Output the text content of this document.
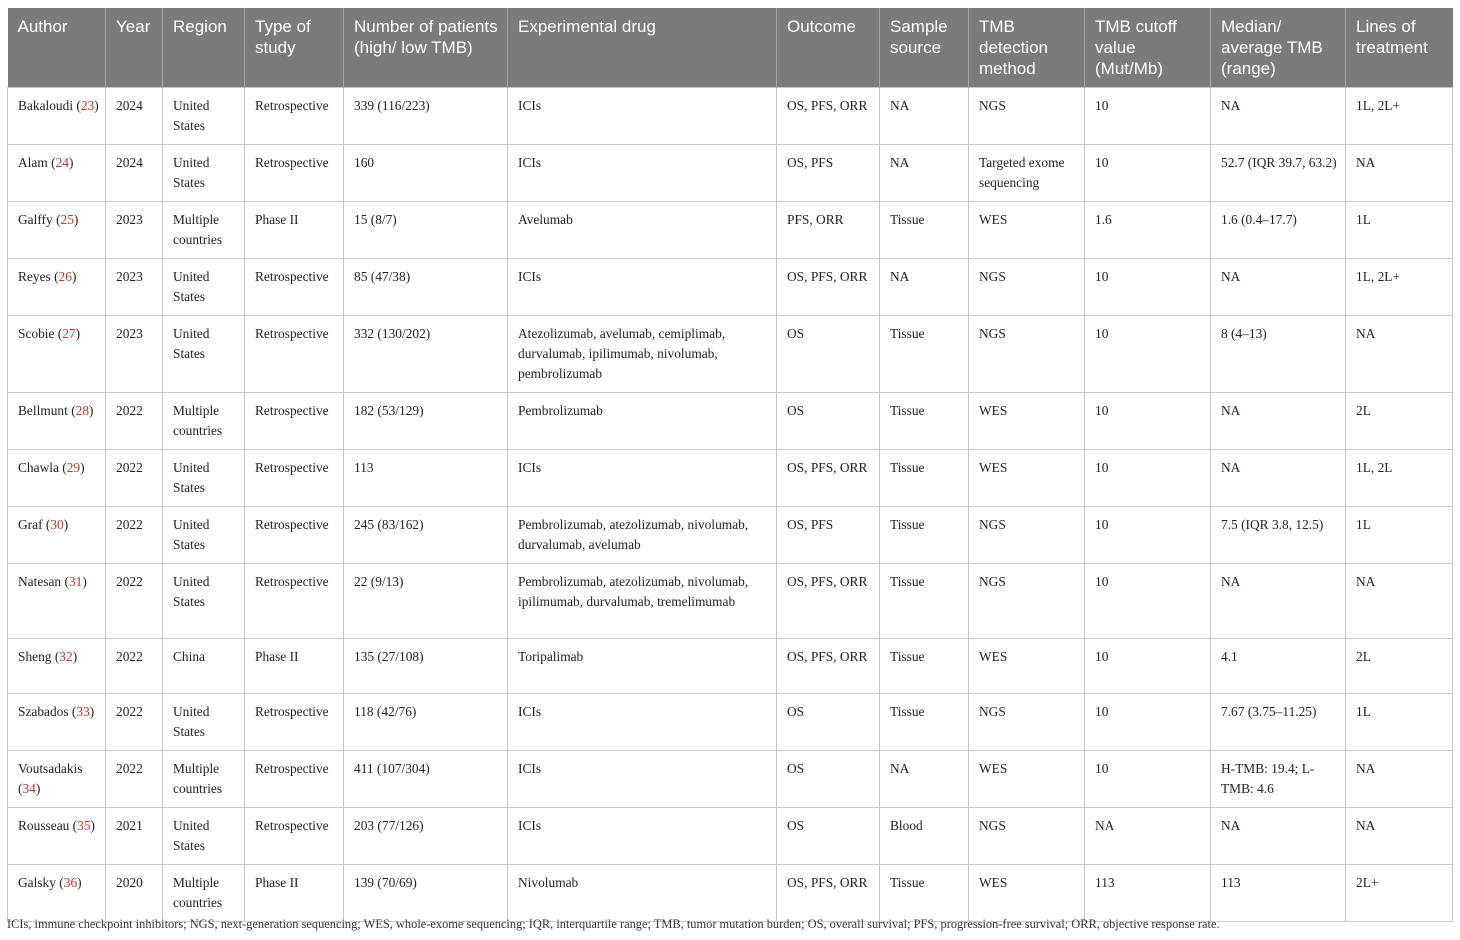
Author	Year	Region	Type of study	Number of patients (high/ low TMB)	Experimental drug	Outcome	Sample source	TMB detection method	TMB cutoff value (Mut/Mb)	Median/ average TMB (range)	Lines of treatment
Bakaloudi (23)	2024	United States	Retrospective	339 (116/223)	ICIs	OS, PFS, ORR	NA	NGS	10	NA	1L, 2L+
Alam (24)	2024	United States	Retrospective	160	ICIs	OS, PFS	NA	Targeted exome sequencing	10	52.7 (IQR 39.7, 63.2)	NA
Galffy (25)	2023	Multiple countries	Phase II	15 (8/7)	Avelumab	PFS, ORR	Tissue	WES	1.6	1.6 (0.4–17.7)	1L
Reyes (26)	2023	United States	Retrospective	85 (47/38)	ICIs	OS, PFS, ORR	NA	NGS	10	NA	1L, 2L+
Scobie (27)	2023	United States	Retrospective	332 (130/202)	Atezolizumab, avelumab, cemiplimab, durvalumab, ipilimumab, nivolumab, pembrolizumab	OS	Tissue	NGS	10	8 (4–13)	NA
Bellmunt (28)	2022	Multiple countries	Retrospective	182 (53/129)	Pembrolizumab	OS	Tissue	WES	10	NA	2L
Chawla (29)	2022	United States	Retrospective	113	ICIs	OS, PFS, ORR	Tissue	WES	10	NA	1L, 2L
Graf (30)	2022	United States	Retrospective	245 (83/162)	Pembrolizumab, atezolizumab, nivolumab, durvalumab, avelumab	OS, PFS	Tissue	NGS	10	7.5 (IQR 3.8, 12.5)	1L
Natesan (31)	2022	United States	Retrospective	22 (9/13)	Pembrolizumab, atezolizumab, nivolumab, ipilimumab, durvalumab, tremelimumab	OS, PFS, ORR	Tissue	NGS	10	NA	NA
Sheng (32)	2022	China	Phase II	135 (27/108)	Toripalimab	OS, PFS, ORR	Tissue	WES	10	4.1	2L
Szabados (33)	2022	United States	Retrospective	118 (42/76)	ICIs	OS	Tissue	NGS	10	7.67 (3.75–11.25)	1L
Voutsadakis (34)	2022	Multiple countries	Retrospective	411 (107/304)	ICIs	OS	NA	WES	10	H-TMB: 19.4; L-TMB: 4.6	NA
Rousseau (35)	2021	United States	Retrospective	203 (77/126)	ICIs	OS	Blood	NGS	NA	NA	NA
Galsky (36)	2020	Multiple countries	Phase II	139 (70/69)	Nivolumab	OS, PFS, ORR	Tissue	WES	113	113	2L+
ICIs, immune checkpoint inhibitors; NGS, next-generation sequencing; WES, whole-exome sequencing; IQR, interquartile range; TMB, tumor mutation burden; OS, overall survival; PFS, progression-free survival; ORR, objective response rate.
